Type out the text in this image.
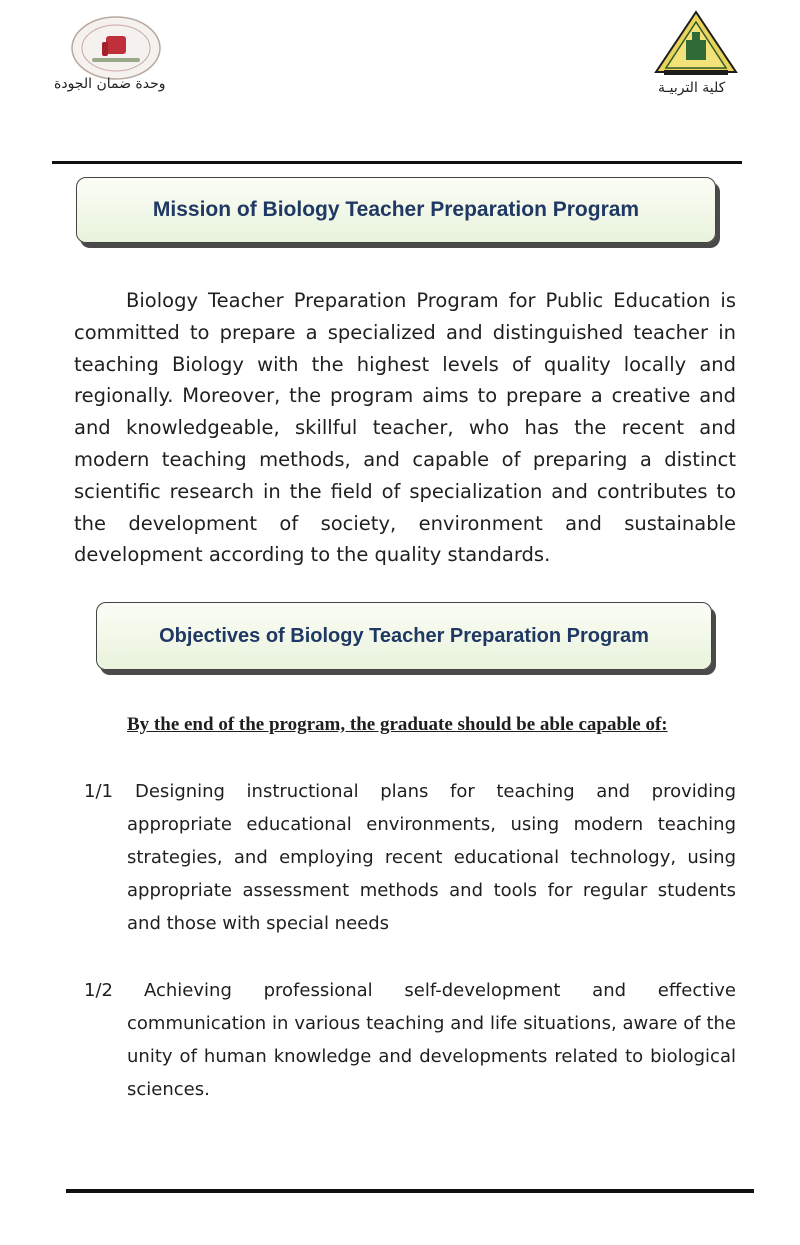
وحدة ضمان الجودة	كلية التربيـة
Mission of Biology Teacher Preparation Program

Biology Teacher Preparation Program for Public Education is committed to prepare a specialized and distinguished teacher in teaching Biology with the highest levels of quality locally and regionally. Moreover, the program aims to prepare a creative and and knowledgeable, skillful teacher, who has the recent and modern teaching methods, and capable of preparing a distinct scientific research in the field of specialization and contributes to the development of society, environment and sustainable development according to the quality standards.

Objectives of Biology Teacher Preparation Program

By the end of the program, the graduate should be able capable of:

1/1	Designing instructional plans for teaching and providing appropriate educational environments, using modern teaching strategies, and employing recent educational technology, using appropriate assessment methods and tools for regular students and those with special needs

1/2	Achieving professional self-development and effective communication in various teaching and life situations, aware of the unity of human knowledge and developments related to biological sciences.
